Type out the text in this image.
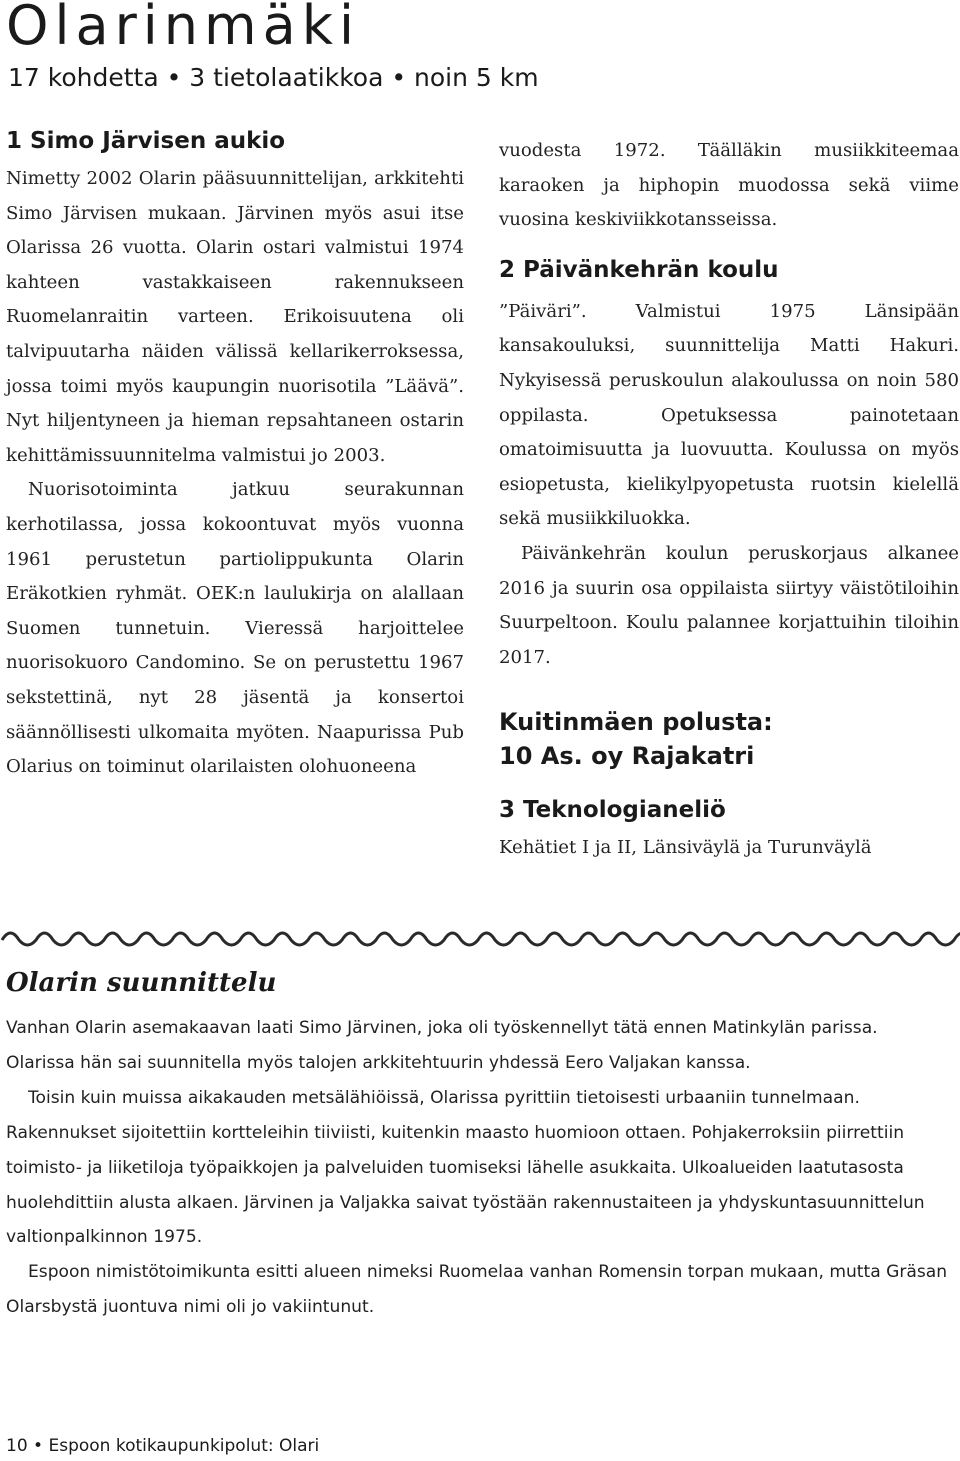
Olarinmäki
17 kohdetta • 3 tietolaatikkoa • noin 5 km
1 Simo Järvisen aukio

Nimetty 2002 Olarin pääsuunnittelijan, arkkitehti Simo Järvisen mukaan. Järvinen myös asui itse Olarissa 26 vuotta. Olarin ostari valmistui 1974 kahteen vastakkaiseen rakennukseen Ruomelanraitin varteen. Erikoisuutena oli talvipuutarha näiden välissä kellarikerroksessa, jossa toimi myös kaupungin nuorisotila ”Läävä”. Nyt hiljentyneen ja hieman repsahtaneen ostarin kehittämissuunnitelma valmistui jo 2003.

Nuorisotoiminta jatkuu seurakunnan kerhotilassa, jossa kokoontuvat myös vuonna 1961 perustetun partiolippukunta Olarin Eräkotkien ryhmät. OEK:n laulukirja on alallaan Suomen tunnetuin. Vieressä harjoittelee nuorisokuoro Candomino. Se on perustettu 1967 sekstettinä, nyt 28 jäsentä ja konsertoi säännöllisesti ulkomaita myöten. Naapurissa Pub Olarius on toiminut olarilaisten olohuoneena

vuodesta 1972. Täälläkin musiikkiteemaa karaoken ja hiphopin muodossa sekä viime vuosina keskiviikkotansseissa.

2 Päivänkehrän koulu

”Päiväri”. Valmistui 1975 Länsipään kansakouluksi, suunnittelija Matti Hakuri. Nykyisessä peruskoulun alakoulussa on noin 580 oppilasta. Opetuksessa painotetaan omatoimisuutta ja luovuutta. Koulussa on myös esiopetusta, kielikylpyopetusta ruotsin kielellä sekä musiikkiluokka.

Päivänkehrän koulun peruskorjaus alkanee 2016 ja suurin osa oppilaista siirtyy väistötiloihin Suurpeltoon. Koulu palannee korjattuihin tiloihin 2017.

Kuitinmäen polusta:
10 As. oy Rajakatri
3 Teknologianeliö

Kehätiet I ja II, Länsiväylä ja Turunväylä

Olarin suunnittelu

Vanhan Olarin asemakaavan laati Simo Järvinen, joka oli työskennellyt tätä ennen Matinkylän parissa. Olarissa hän sai suunnitella myös talojen arkkitehtuurin yhdessä Eero Valjakan kanssa.

Toisin kuin muissa aikakauden metsälähiöissä, Olarissa pyrittiin tietoisesti urbaaniin tunnelmaan. Rakennukset sijoitettiin kortteleihin tiiviisti, kuitenkin maasto huomioon ottaen. Pohjakerroksiin piirrettiin toimisto- ja liiketiloja työpaikkojen ja palveluiden tuomiseksi lähelle asukkaita. Ulkoalueiden laatutasosta huolehdittiin alusta alkaen. Järvinen ja Valjakka saivat työstään rakennustaiteen ja yhdyskuntasuunnittelun valtionpalkinnon 1975.

Espoon nimistötoimikunta esitti alueen nimeksi Ruomelaa vanhan Romensin torpan mukaan, mutta Gräsan Olarsbystä juontuva nimi oli jo vakiintunut.

10 • Espoon kotikaupunkipolut: Olari
